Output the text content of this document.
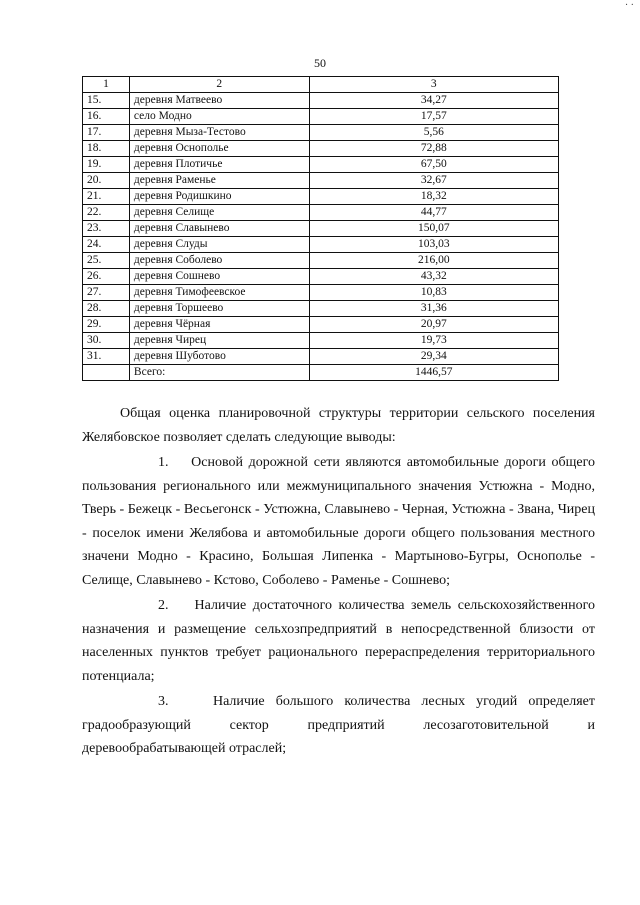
· ·
50
1	2	3
15.	деревня Матвеево	34,27
16.	село Модно	17,57
17.	деревня Мыза-Тестово	5,56
18.	деревня Оснополье	72,88
19.	деревня Плотичье	67,50
20.	деревня Раменье	32,67
21.	деревня Родишкино	18,32
22.	деревня Селище	44,77
23.	деревня Славынево	150,07
24.	деревня Слуды	103,03
25.	деревня Соболево	216,00
26.	деревня Сошнево	43,32
27.	деревня Тимофеевское	10,83
28.	деревня Торшеево	31,36
29.	деревня Чёрная	20,97
30.	деревня Чирец	19,73
31.	деревня Шуботово	29,34
	Всего:	1446,57

Общая оценка планировочной структуры территории сельского поселения Желябовское позволяет сделать следующие выводы:

1. Основой дорожной сети являются автомобильные дороги общего пользования регионального или межмуниципального значения Устюжна - Модно, Тверь - Бежецк - Весьегонск - Устюжна, Славынево - Черная, Устюжна - Звана, Чирец - поселок имени Желябова и автомобильные дороги общего пользования местного значени Модно - Красино, Большая Липенка - Мартыново-Бугры, Оснополье - Селище, Славынево - Кстово, Соболево - Раменье - Сошнево;

2. Наличие достаточного количества земель сельскохозяйственного назначения и размещение сельхозпредприятий в непосредственной близости от населенных пунктов требует рационального перераспределения территориального потенциала;

3.	Наличие большого количества лесных угодий определяет градообразующий сектор предприятий лесозаготовительной и деревообрабатывающей отраслей;
